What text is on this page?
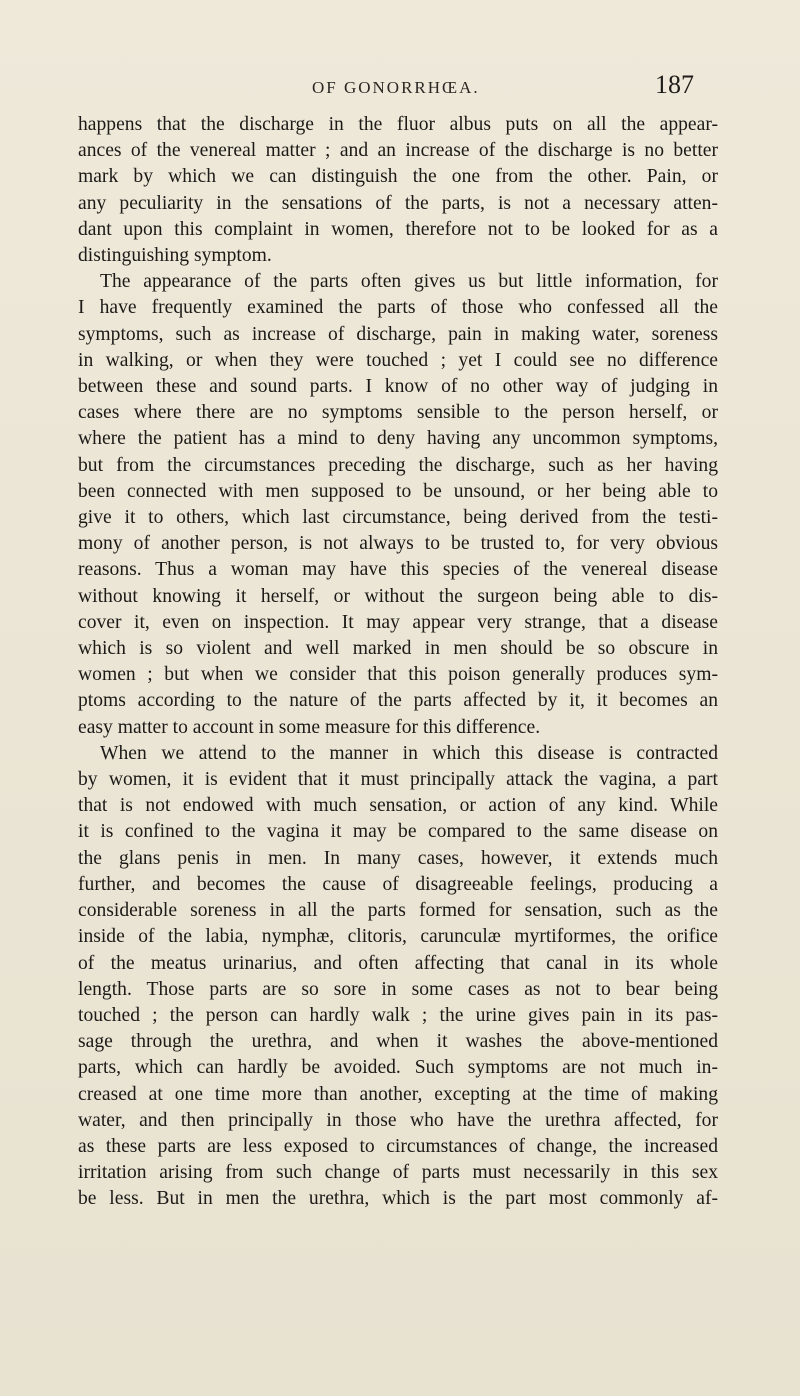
OF GONORRHŒA.	187
happens that the discharge in the fluor albus puts on all the appear-
ances of the venereal matter ; and an increase of the discharge is no better
mark by which we can distinguish the one from the other. Pain, or
any peculiarity in the sensations of the parts, is not a necessary atten-
dant upon this complaint in women, therefore not to be looked for as a
distinguishing symptom.
The appearance of the parts often gives us but little information, for
I have frequently examined the parts of those who confessed all the
symptoms, such as increase of discharge, pain in making water, soreness
in walking, or when they were touched ; yet I could see no difference
between these and sound parts. I know of no other way of judging in
cases where there are no symptoms sensible to the person herself, or
where the patient has a mind to deny having any uncommon symptoms,
but from the circumstances preceding the discharge, such as her having
been connected with men supposed to be unsound, or her being able to
give it to others, which last circumstance, being derived from the testi-
mony of another person, is not always to be trusted to, for very obvious
reasons. Thus a woman may have this species of the venereal disease
without knowing it herself, or without the surgeon being able to dis-
cover it, even on inspection. It may appear very strange, that a disease
which is so violent and well marked in men should be so obscure in
women ; but when we consider that this poison generally produces sym-
ptoms according to the nature of the parts affected by it, it becomes an
easy matter to account in some measure for this difference.
When we attend to the manner in which this disease is contracted
by women, it is evident that it must principally attack the vagina, a part
that is not endowed with much sensation, or action of any kind. While
it is confined to the vagina it may be compared to the same disease on
the glans penis in men. In many cases, however, it extends much
further, and becomes the cause of disagreeable feelings, producing a
considerable soreness in all the parts formed for sensation, such as the
inside of the labia, nymphæ, clitoris, carunculæ myrtiformes, the orifice
of the meatus urinarius, and often affecting that canal in its whole
length. Those parts are so sore in some cases as not to bear being
touched ; the person can hardly walk ; the urine gives pain in its pas-
sage through the urethra, and when it washes the above-mentioned
parts, which can hardly be avoided. Such symptoms are not much in-
creased at one time more than another, excepting at the time of making
water, and then principally in those who have the urethra affected, for
as these parts are less exposed to circumstances of change, the increased
irritation arising from such change of parts must necessarily in this sex
be less. But in men the urethra, which is the part most commonly af-
